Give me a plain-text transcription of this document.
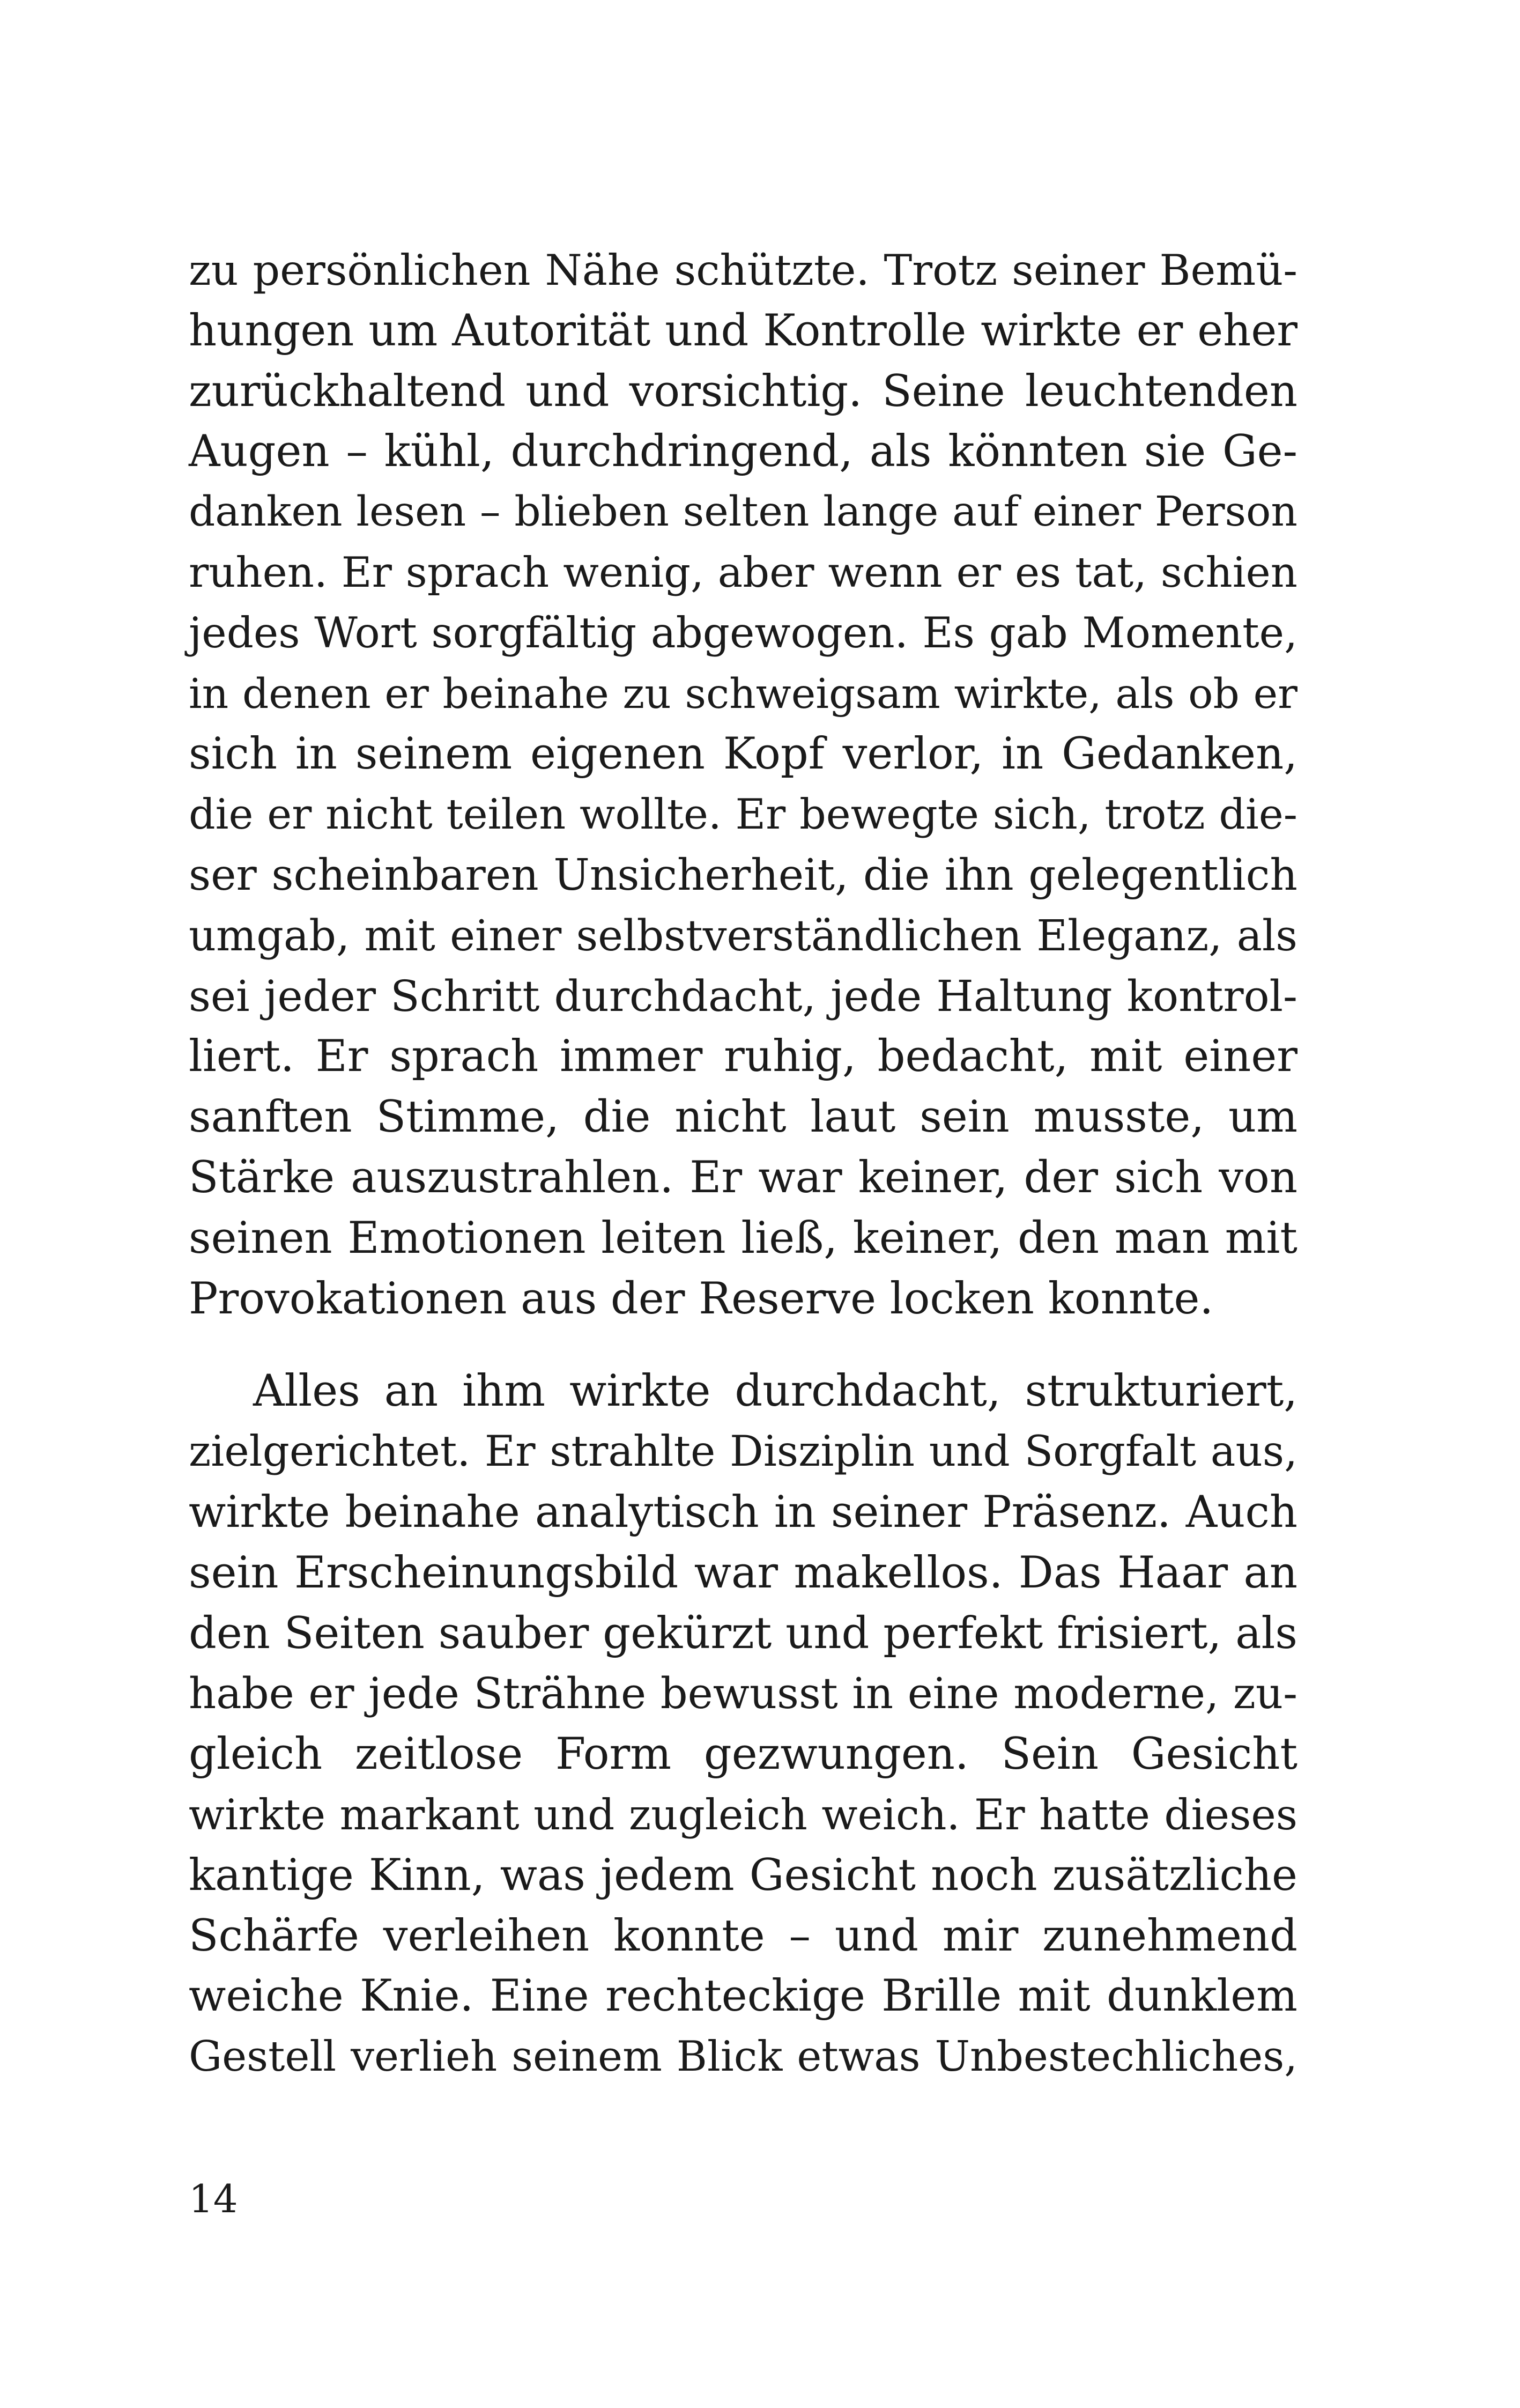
zu persönlichen Nähe schützte. Trotz seiner Bemü-
hungen um Autorität und Kontrolle wirkte er eher
zurückhaltend und vorsichtig. Seine leuchtenden
Augen – kühl, durchdringend, als könnten sie Ge-
danken lesen – blieben selten lange auf einer Person
ruhen. Er sprach wenig, aber wenn er es tat, schien
jedes Wort sorgfältig abgewogen. Es gab Momente,
in denen er beinahe zu schweigsam wirkte, als ob er
sich in seinem eigenen Kopf verlor, in Gedanken,
die er nicht teilen wollte. Er bewegte sich, trotz die-
ser scheinbaren Unsicherheit, die ihn gelegentlich
umgab, mit einer selbstverständlichen Eleganz, als
sei jeder Schritt durchdacht, jede Haltung kontrol-
liert. Er sprach immer ruhig, bedacht, mit einer
sanften Stimme, die nicht laut sein musste, um
Stärke auszustrahlen. Er war keiner, der sich von
seinen Emotionen leiten ließ, keiner, den man mit
Provokationen aus der Reserve locken konnte.
Alles an ihm wirkte durchdacht, strukturiert,
zielgerichtet. Er strahlte Disziplin und Sorgfalt aus,
wirkte beinahe analytisch in seiner Präsenz. Auch
sein Erscheinungsbild war makellos. Das Haar an
den Seiten sauber gekürzt und perfekt frisiert, als
habe er jede Strähne bewusst in eine moderne, zu-
gleich zeitlose Form gezwungen. Sein Gesicht
wirkte markant und zugleich weich. Er hatte dieses
kantige Kinn, was jedem Gesicht noch zusätzliche
Schärfe verleihen konnte – und mir zunehmend
weiche Knie. Eine rechteckige Brille mit dunklem
Gestell verlieh seinem Blick etwas Unbestechliches,
14
